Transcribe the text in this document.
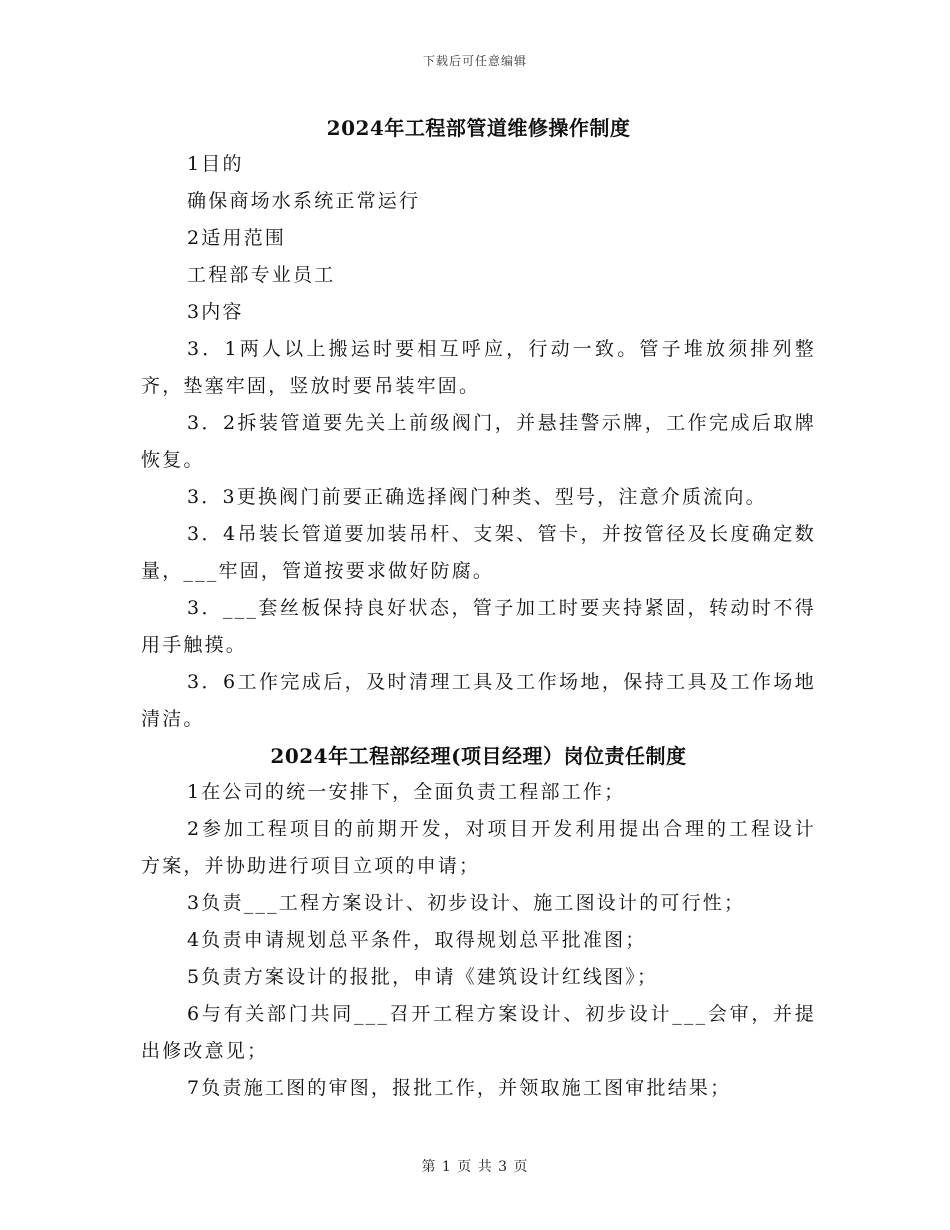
下载后可任意编辑
2024年工程部管道维修操作制度

1目的

确保商场水系统正常运行

2适用范围

工程部专业员工

3内容

3．1两人以上搬运时要相互呼应，行动一致。管子堆放须排列整齐，垫塞牢固，竖放时要吊装牢固。

3．2拆装管道要先关上前级阀门，并悬挂警示牌，工作完成后取牌恢复。

3．3更换阀门前要正确选择阀门种类、型号，注意介质流向。

3．4吊装长管道要加装吊杆、支架、管卡，并按管径及长度确定数量，___牢固，管道按要求做好防腐。

3．___套丝板保持良好状态，管子加工时要夹持紧固，转动时不得用手触摸。

3．6工作完成后，及时清理工具及工作场地，保持工具及工作场地清洁。

2024年工程部经理(项目经理）岗位责任制度

1在公司的统一安排下，全面负责工程部工作；

2参加工程项目的前期开发，对项目开发利用提出合理的工程设计方案，并协助进行项目立项的申请；

3负责___工程方案设计、初步设计、施工图设计的可行性；

4负责申请规划总平条件，取得规划总平批准图；

5负责方案设计的报批，申请《建筑设计红线图》；

6与有关部门共同___召开工程方案设计、初步设计___会审，并提出修改意见；

7负责施工图的审图，报批工作，并领取施工图审批结果；

第 1 页 共 3 页
